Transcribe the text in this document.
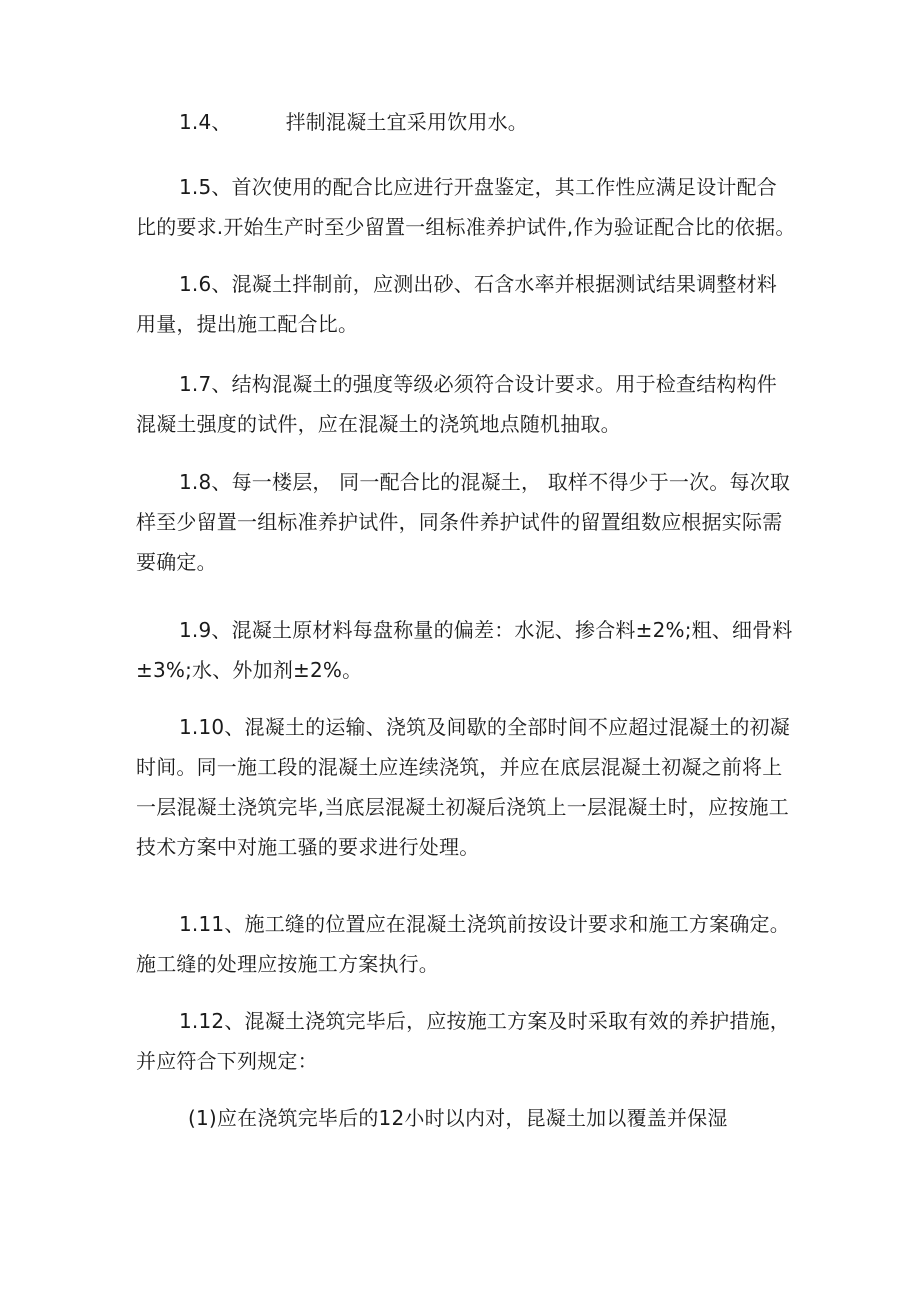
1.4、	拌制混凝土宜采用饮用水。

1.5、首次使用的配合比应进行开盘鉴定，其工作性应满足设计配合
比的要求.开始生产时至少留置一组标准养护试件,作为验证配合比的依据。

1.6、混凝土拌制前，应测出砂、石含水率并根据测试结果调整材料
用量，提出施工配合比。

1.7、结构混凝土的强度等级必须符合设计要求。用于检查结构构件
混凝土强度的试件，应在混凝土的浇筑地点随机抽取。

1.8、每一楼层， 同一配合比的混凝土， 取样不得少于一次。每次取
样至少留置一组标准养护试件，同条件养护试件的留置组数应根据实际需
要确定。

1.9、混凝土原材料每盘称量的偏差：水泥、掺合料±2%;粗、细骨料
±3%;水、外加剂±2%。

1.10、混凝土的运输、浇筑及间歇的全部时间不应超过混凝土的初凝
时间。同一施工段的混凝土应连续浇筑，并应在底层混凝土初凝之前将上
一层混凝土浇筑完毕,当底层混凝土初凝后浇筑上一层混凝土时，应按施工
技术方案中对施工骚的要求进行处理。

1.11、施工缝的位置应在混凝土浇筑前按设计要求和施工方案确定。
施工缝的处理应按施工方案执行。

1.12、混凝土浇筑完毕后，应按施工方案及时采取有效的养护措施，
并应符合下列规定：

(1)应在浇筑完毕后的12小时以内对，昆凝土加以覆盖并保湿
